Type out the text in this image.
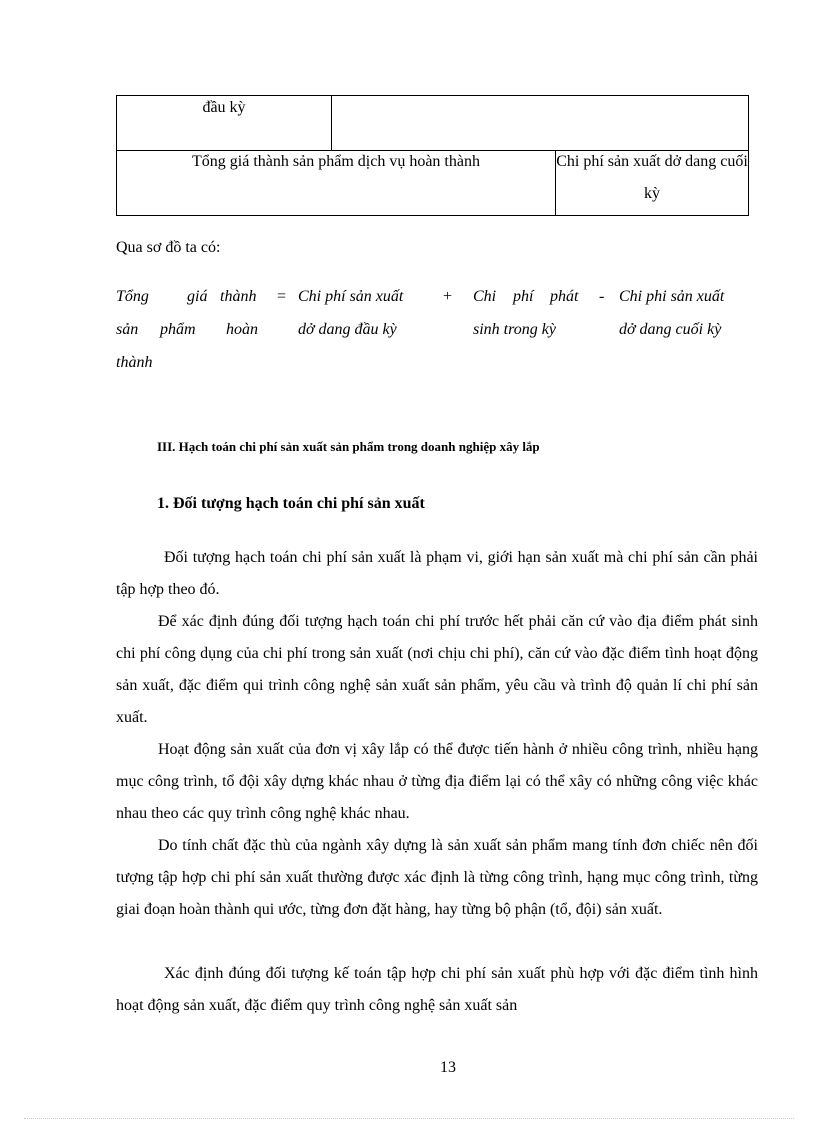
đầu kỳ
Tổng giá thành sản phẩm dịch vụ hoàn thành	Chi phí sản xuất dở dang cuối kỳ
Qua sơ đồ ta có:
Tổng giá thành
sản phẩm hoàn
thành
= Chi phí sản xuất
dở dang đầu kỳ
+ Chi phí phát
sinh trong kỳ
- Chi phi sản xuất
dở dang cuối kỳ
III. Hạch toán chi phí sản xuất sản phẩm trong doanh nghiệp xây lắp
1. Đối tượng hạch toán chi phí sản xuất

Đối tượng hạch toán chi phí sản xuất là phạm vi, giới hạn sản xuất mà chi phí sản cần phải tập hợp theo đó.

Để xác định đúng đối tượng hạch toán chi phí trước hết phải căn cứ vào địa điểm phát sinh chi phí công dụng của chi phí trong sản xuất (nơi chịu chi phí), căn cứ vào đặc điểm tình hoạt động sản xuất, đặc điểm qui trình công nghệ sản xuất sản phẩm, yêu cầu và trình độ quản lí chi phí sản xuất.

Hoạt động sản xuất của đơn vị xây lắp có thể được tiến hành ở nhiều công trình, nhiều hạng mục công trình, tổ đội xây dựng khác nhau ở từng địa điểm lại có thể xây có những công việc khác nhau theo các quy trình công nghệ khác nhau.

Do tính chất đặc thù của ngành xây dựng là sản xuất sản phẩm mang tính đơn chiếc nên đối tượng tập hợp chi phí sản xuất thường được xác định là từng công trình, hạng mục công trình, từng giai đoạn hoàn thành qui ước, từng đơn đặt hàng, hay từng bộ phận (tổ, đội) sản xuất.

Xác định đúng đối tượng kế toán tập hợp chi phí sản xuất phù hợp với đặc điểm tình hình hoạt động sản xuất, đặc điểm quy trình công nghệ sản xuất sản

13
